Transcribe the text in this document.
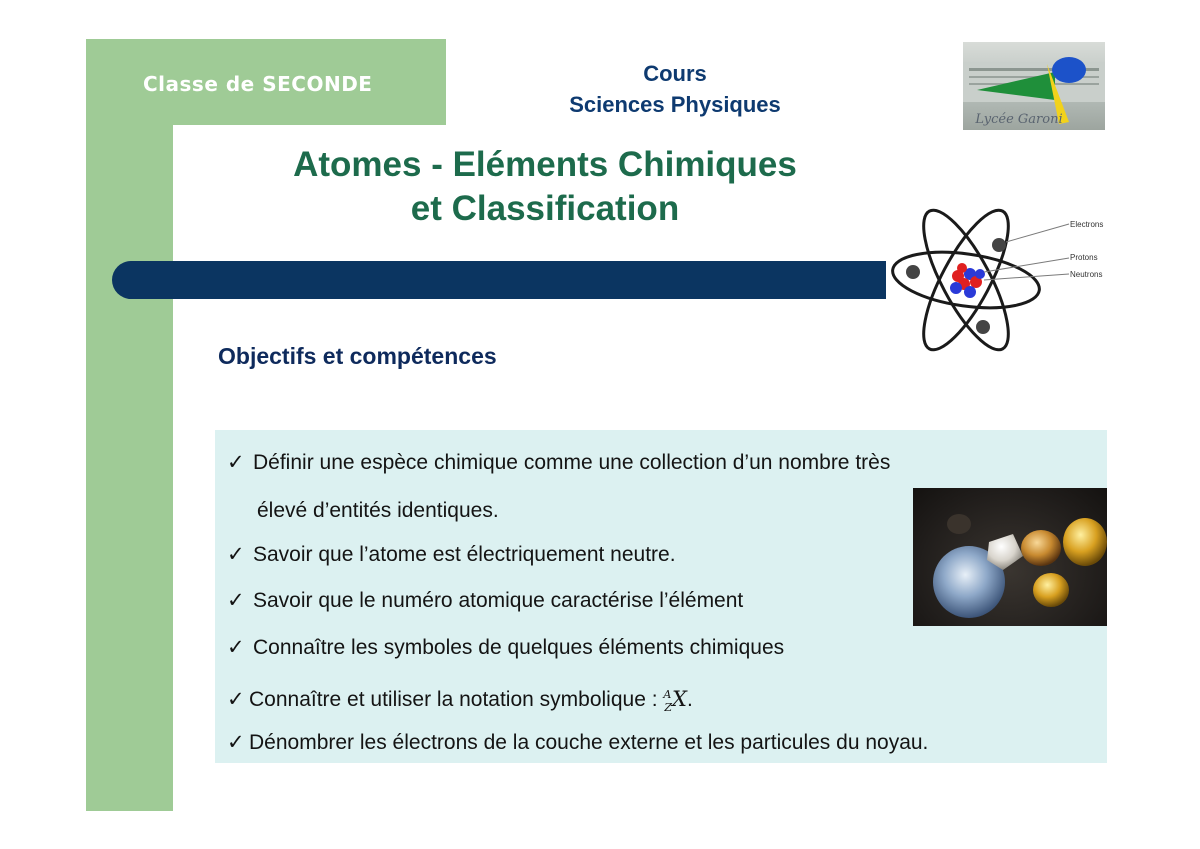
Classe de SECONDE	Cours
Sciences Physiques
Lycée Garoni
Atomes - Eléments Chimiques
et Classification	Electrons
Protons
Neutrons
Objectifs et compétences
✓ Définir une espèce chimique comme une collection d’un nombre très
élevé d’entités identiques.
✓ Savoir que l’atome est électriquement neutre.
✓ Savoir que le numéro atomique caractérise l’élément
✓ Connaître les symboles de quelques éléments chimiques
✓ Connaître et utiliser la notation symbolique : $^A_Z$X.
✓ Dénombrer les électrons de la couche externe et les particules du noyau.
